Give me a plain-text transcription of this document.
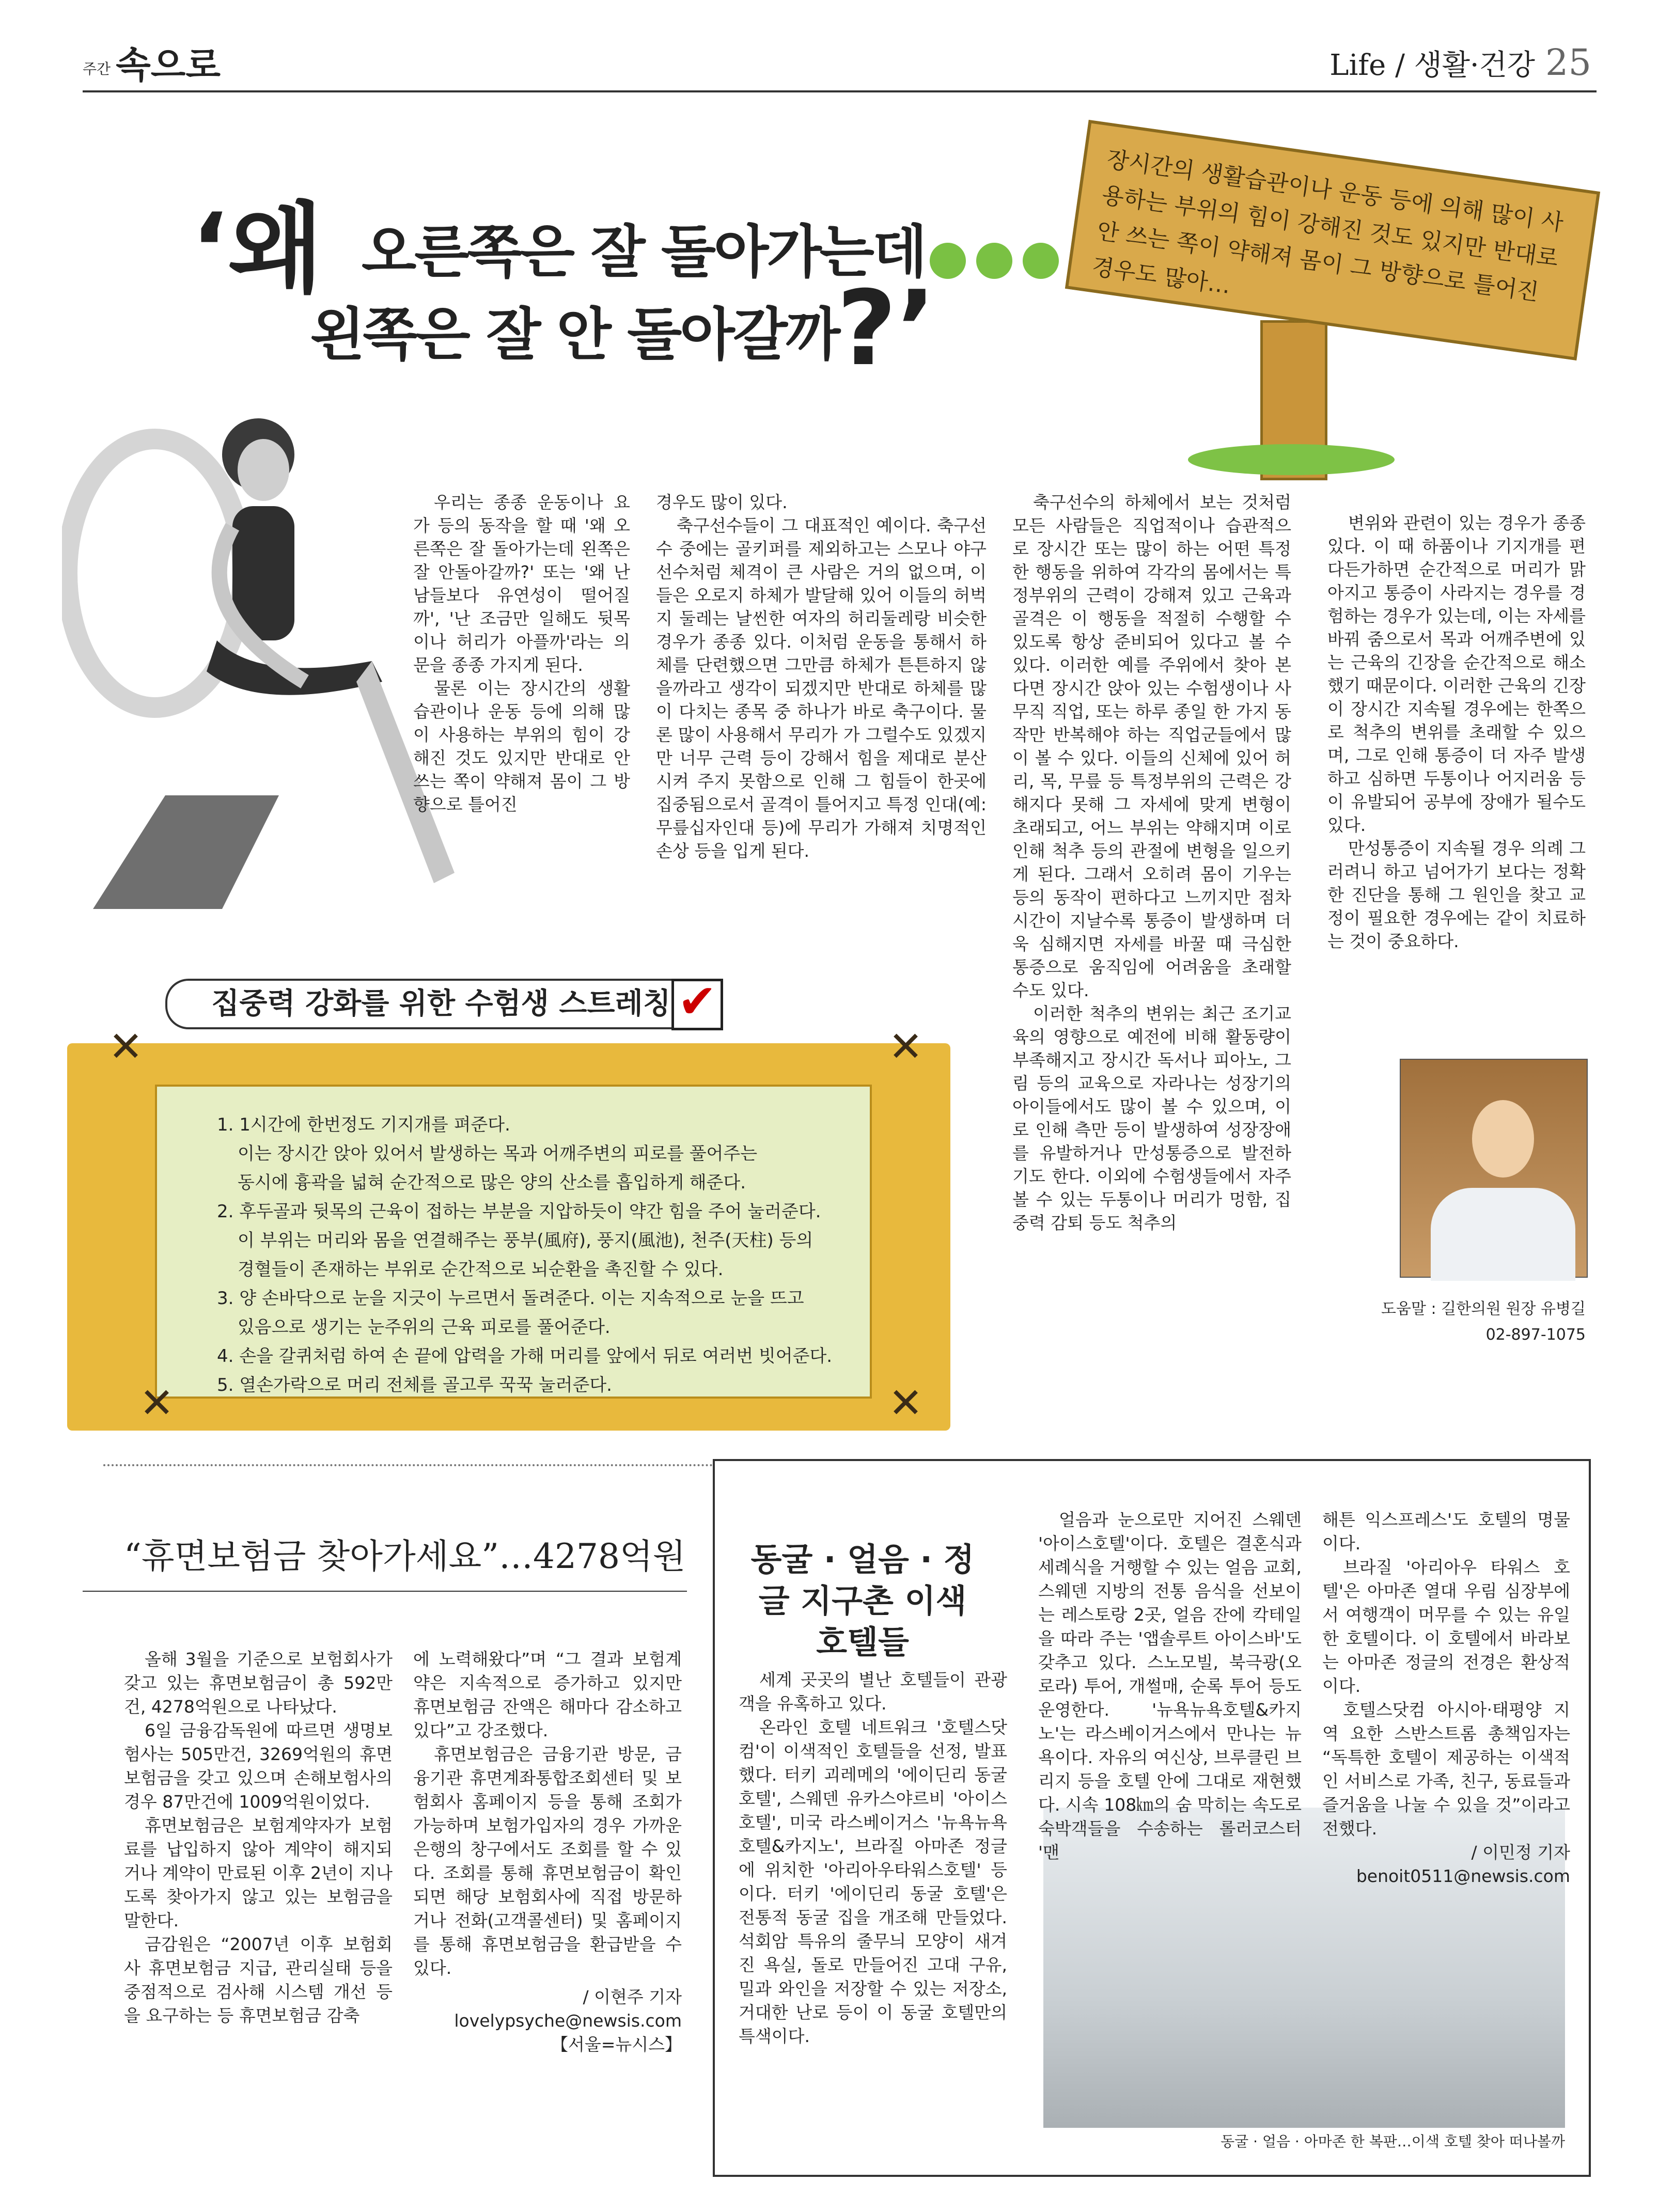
주간 속으로	Life / 생활·건강 25
‘왜 오른쪽은 잘 돌아가는데
왼쪽은 잘 안 돌아갈까
?’
장시간의 생활습관이나 운동 등에 의해 많이 사용하는 부위의 힘이 강해진 것도 있지만 반대로 안 쓰는 쪽이 약해져 몸이 그 방향으로 틀어진 경우도 많아…

우리는 종종 운동이나 요가 등의 동작을 할 때 '왜 오른쪽은 잘 돌아가는데 왼쪽은 잘 안돌아갈까?' 또는 '왜 난 남들보다 유연성이 떨어질까', '난 조금만 일해도 뒷목이나 허리가 아플까'라는 의문을 종종 가지게 된다.

물론 이는 장시간의 생활습관이나 운동 등에 의해 많이 사용하는 부위의 힘이 강해진 것도 있지만 반대로 안 쓰는 쪽이 약해져 몸이 그 방향으로 틀어진

경우도 많이 있다.

축구선수들이 그 대표적인 예이다. 축구선수 중에는 골키퍼를 제외하고는 스모나 야구선수처럼 체격이 큰 사람은 거의 없으며, 이들은 오로지 하체가 발달해 있어 이들의 허벅지 둘레는 날씬한 여자의 허리둘레랑 비슷한 경우가 종종 있다. 이처럼 운동을 통해서 하체를 단련했으면 그만큼 하체가 튼튼하지 않을까라고 생각이 되겠지만 반대로 하체를 많이 다치는 종목 중 하나가 바로 축구이다. 물론 많이 사용해서 무리가 가 그럴수도 있겠지만 너무 근력 등이 강해서 힘을 제대로 분산시켜 주지 못함으로 인해 그 힘들이 한곳에 집중됨으로서 골격이 틀어지고 특정 인대(예: 무릎십자인대 등)에 무리가 가해져 치명적인 손상 등을 입게 된다.

축구선수의 하체에서 보는 것처럼 모든 사람들은 직업적이나 습관적으로 장시간 또는 많이 하는 어떤 특정한 행동을 위하여 각각의 몸에서는 특정부위의 근력이 강해져 있고 근육과 골격은 이 행동을 적절히 수행할 수 있도록 항상 준비되어 있다고 볼 수 있다. 이러한 예를 주위에서 찾아 본다면 장시간 앉아 있는 수험생이나 사무직 직업, 또는 하루 종일 한 가지 동작만 반복해야 하는 직업군들에서 많이 볼 수 있다. 이들의 신체에 있어 허리, 목, 무릎 등 특정부위의 근력은 강해지다 못해 그 자세에 맞게 변형이 초래되고, 어느 부위는 약해지며 이로 인해 척추 등의 관절에 변형을 일으키게 된다. 그래서 오히려 몸이 기우는 등의 동작이 편하다고 느끼지만 점차 시간이 지날수록 통증이 발생하며 더욱 심해지면 자세를 바꿀 때 극심한 통증으로 움직임에 어려움을 초래할 수도 있다.

이러한 척추의 변위는 최근 조기교육의 영향으로 예전에 비해 활동량이 부족해지고 장시간 독서나 피아노, 그림 등의 교육으로 자라나는 성장기의 아이들에서도 많이 볼 수 있으며, 이로 인해 측만 등이 발생하여 성장장애를 유발하거나 만성통증으로 발전하기도 한다. 이외에 수험생들에서 자주 볼 수 있는 두통이나 머리가 멍함, 집중력 감퇴 등도 척추의

변위와 관련이 있는 경우가 종종 있다. 이 때 하품이나 기지개를 편다든가하면 순간적으로 머리가 맑아지고 통증이 사라지는 경우를 경험하는 경우가 있는데, 이는 자세를 바꿔 줌으로서 목과 어깨주변에 있는 근육의 긴장을 순간적으로 해소했기 때문이다. 이러한 근육의 긴장이 장시간 지속될 경우에는 한쪽으로 척추의 변위를 초래할 수 있으며, 그로 인해 통증이 더 자주 발생하고 심하면 두통이나 어지러움 등이 유발되어 공부에 장애가 될수도 있다.

만성통증이 지속될 경우 의례 그러려니 하고 넘어가기 보다는 정확한 진단을 통해 그 원인을 찾고 교정이 필요한 경우에는 같이 치료하는 것이 중요하다.

도움말 : 길한의원 원장 유병길
02-897-1075
✕	✕
✕	✕
집중력 강화를 위한 수험생 스트레칭 ✔
1. 1시간에 한번정도 기지개를 펴준다.
이는 장시간 앉아 있어서 발생하는 목과 어깨주변의 피로를 풀어주는
동시에 흉곽을 넓혀 순간적으로 많은 양의 산소를 흡입하게 해준다.
2. 후두골과 뒷목의 근육이 접하는 부분을 지압하듯이 약간 힘을 주어 눌러준다.
이 부위는 머리와 몸을 연결해주는 풍부(風府), 풍지(風池), 천주(天柱) 등의
경혈들이 존재하는 부위로 순간적으로 뇌순환을 촉진할 수 있다.
3. 양 손바닥으로 눈을 지긋이 누르면서 돌려준다. 이는 지속적으로 눈을 뜨고
있음으로 생기는 눈주위의 근육 피로를 풀어준다.
4. 손을 갈퀴처럼 하여 손 끝에 압력을 가해 머리를 앞에서 뒤로 여러번 빗어준다.
5. 열손가락으로 머리 전체를 골고루 꾹꾹 눌러준다.
“휴면보험금 찾아가세요”…4278억원

올해 3월을 기준으로 보험회사가 갖고 있는 휴면보험금이 총 592만건, 4278억원으로 나타났다.

6일 금융감독원에 따르면 생명보험사는 505만건, 3269억원의 휴면보험금을 갖고 있으며 손해보험사의 경우 87만건에 1009억원이었다.

휴면보험금은 보험계약자가 보험료를 납입하지 않아 계약이 해지되거나 계약이 만료된 이후 2년이 지나도록 찾아가지 않고 있는 보험금을 말한다.

금감원은 “2007년 이후 보험회사 휴면보험금 지급, 관리실태 등을 중점적으로 검사해 시스템 개선 등을 요구하는 등 휴면보험금 감축

에 노력해왔다”며 “그 결과 보험계약은 지속적으로 증가하고 있지만 휴면보험금 잔액은 해마다 감소하고 있다”고 강조했다.

휴면보험금은 금융기관 방문, 금융기관 휴면계좌통합조회센터 및 보험회사 홈페이지 등을 통해 조회가 가능하며 보험가입자의 경우 가까운 은행의 창구에서도 조회를 할 수 있다. 조회를 통해 휴면보험금이 확인되면 해당 보험회사에 직접 방문하거나 전화(고객콜센터) 및 홈페이지를 통해 휴면보험금을 환급받을 수 있다.

/ 이현주 기자
lovelypsyche@newsis.com
【서울=뉴시스】
동굴 · 얼음 · 정글 지구촌 이색 호텔들
동굴 · 얼음 · 아마존 한 복판…이색 호텔 찾아 떠나볼까

세계 곳곳의 별난 호텔들이 관광객을 유혹하고 있다.

온라인 호텔 네트워크 '호텔스닷컴'이 이색적인 호텔들을 선정, 발표했다. 터키 괴레메의 '에이딘리 동굴호텔', 스웨덴 유카스야르비 '아이스호텔', 미국 라스베이거스 '뉴욕뉴욕호텔&카지노', 브라질 아마존 정글에 위치한 '아리아우타워스호텔' 등이다. 터키 '에이딘리 동굴 호텔'은 전통적 동굴 집을 개조해 만들었다. 석회암 특유의 줄무늬 모양이 새겨진 욕실, 돌로 만들어진 고대 구유, 밀과 와인을 저장할 수 있는 저장소, 거대한 난로 등이 이 동굴 호텔만의 특색이다.

얼음과 눈으로만 지어진 스웨덴 '아이스호텔'이다. 호텔은 결혼식과 세례식을 거행할 수 있는 얼음 교회, 스웨덴 지방의 전통 음식을 선보이는 레스토랑 2곳, 얼음 잔에 칵테일을 따라 주는 '앱솔루트 아이스바'도 갖추고 있다. 스노모빌, 북극광(오로라) 투어, 개썰매, 순록 투어 등도 운영한다. '뉴욕뉴욕호텔&카지노'는 라스베이거스에서 만나는 뉴욕이다. 자유의 여신상, 브루클린 브리지 등을 호텔 안에 그대로 재현했다. 시속 108㎞의 숨 막히는 속도로 숙박객들을 수송하는 롤러코스터 '맨

해튼 익스프레스'도 호텔의 명물이다.

브라질 '아리아우 타워스 호텔'은 아마존 열대 우림 심장부에서 여행객이 머무를 수 있는 유일한 호텔이다. 이 호텔에서 바라보는 아마존 정글의 전경은 환상적이다.

호텔스닷컴 아시아·태평양 지역 요한 스반스트롬 총책임자는 “독특한 호텔이 제공하는 이색적인 서비스로 가족, 친구, 동료들과 즐거움을 나눌 수 있을 것”이라고 전했다.

/ 이민정 기자
benoit0511@newsis.com
